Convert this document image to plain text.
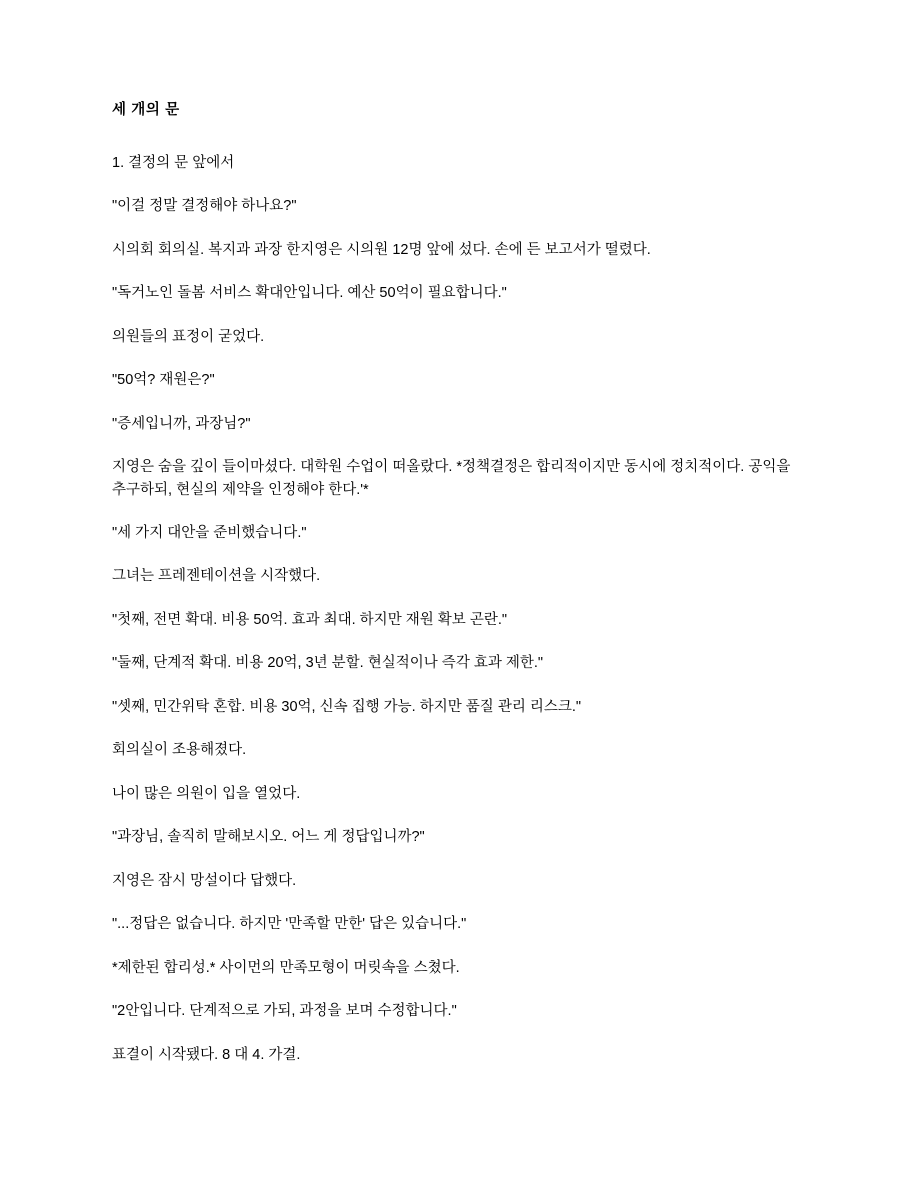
세 개의 문

1. 결정의 문 앞에서

"이걸 정말 결정해야 하나요?"

시의회 회의실. 복지과 과장 한지영은 시의원 12명 앞에 섰다. 손에 든 보고서가 떨렸다.

"독거노인 돌봄 서비스 확대안입니다. 예산 50억이 필요합니다."

의원들의 표정이 굳었다.

"50억? 재원은?"

"증세입니까, 과장님?"

지영은 숨을 깊이 들이마셨다. 대학원 수업이 떠올랐다. *정책결정은 합리적이지만 동시에 정치적이다. 공익을 추구하되, 현실의 제약을 인정해야 한다.'*

"세 가지 대안을 준비했습니다."

그녀는 프레젠테이션을 시작했다.

"첫째, 전면 확대. 비용 50억. 효과 최대. 하지만 재원 확보 곤란."

"둘째, 단계적 확대. 비용 20억, 3년 분할. 현실적이나 즉각 효과 제한."

"셋째, 민간위탁 혼합. 비용 30억, 신속 집행 가능. 하지만 품질 관리 리스크."

회의실이 조용해졌다.

나이 많은 의원이 입을 열었다.

"과장님, 솔직히 말해보시오. 어느 게 정답입니까?"

지영은 잠시 망설이다 답했다.

"...정답은 없습니다. 하지만 '만족할 만한' 답은 있습니다."

*제한된 합리성.* 사이먼의 만족모형이 머릿속을 스쳤다.

"2안입니다. 단계적으로 가되, 과정을 보며 수정합니다."

표결이 시작됐다. 8 대 4. 가결.
